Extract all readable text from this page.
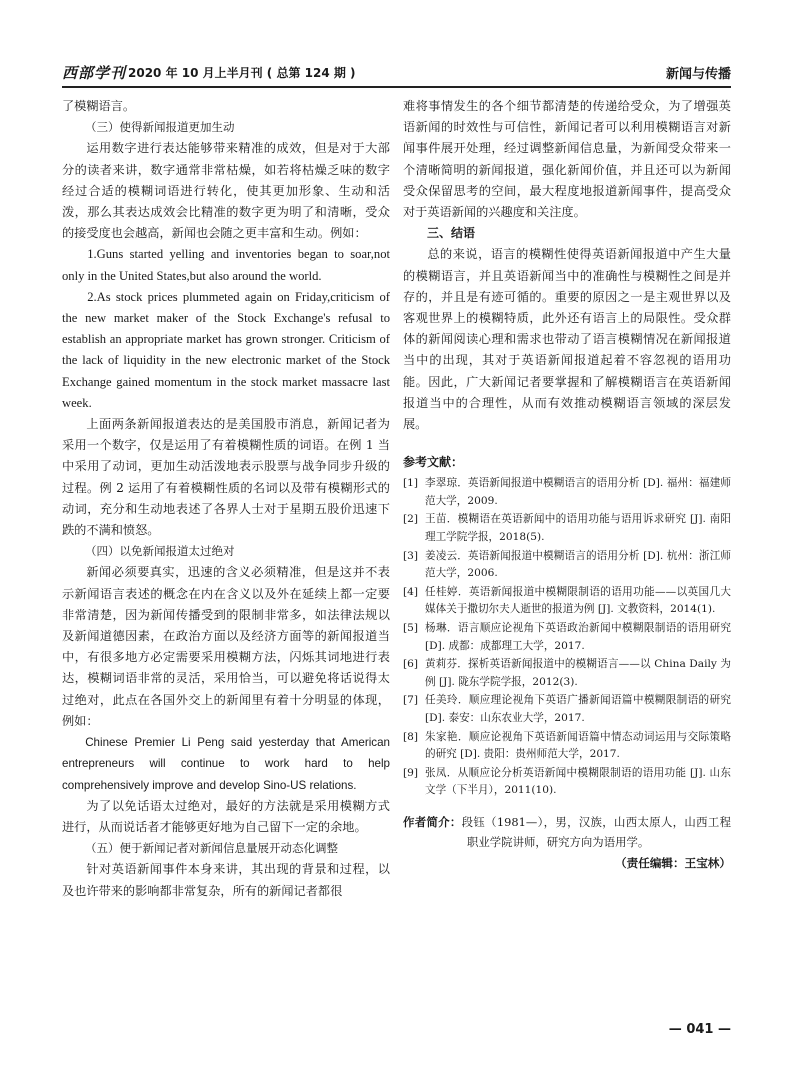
西部学刊 2020 年 10 月上半月刊 ( 总第 124 期 )	新闻与传播

了模糊语言。

（三）使得新闻报道更加生动

运用数字进行表达能够带来精准的成效，但是对于大部分的读者来讲，数字通常非常枯燥，如若将枯燥乏味的数字经过合适的模糊词语进行转化，使其更加形象、生动和活泼，那么其表达成效会比精准的数字更为明了和清晰，受众的接受度也会越高，新闻也会随之更丰富和生动。例如：

1.Guns started yelling and inventories began to soar,not only in the United States,but also around the world.

2.As stock prices plummeted again on Friday,criticism of the new market maker of the Stock Exchange's refusal to establish an appropriate market has grown stronger. Criticism of the lack of liquidity in the new electronic market of the Stock Exchange gained momentum in the stock market massacre last week.

上面两条新闻报道表达的是美国股市消息，新闻记者为采用一个数字，仅是运用了有着模糊性质的词语。在例 1 当中采用了动词，更加生动活泼地表示股票与战争同步升级的过程。例 2 运用了有着模糊性质的名词以及带有模糊形式的动词，充分和生动地表述了各界人士对于星期五股价迅速下跌的不满和愤怒。

（四）以免新闻报道太过绝对

新闻必须要真实，迅速的含义必须精准，但是这并不表示新闻语言表述的概念在内在含义以及外在延续上都一定要非常清楚，因为新闻传播受到的限制非常多，如法律法规以及新闻道德因素，在政治方面以及经济方面等的新闻报道当中，有很多地方必定需要采用模糊方法，闪烁其词地进行表达，模糊词语非常的灵活，采用恰当，可以避免将话说得太过绝对，此点在各国外交上的新闻里有着十分明显的体现，例如：

Chinese Premier Li Peng said yesterday that American entrepreneurs will continue to work hard to help comprehensively improve and develop Sino-US relations.

为了以免话语太过绝对，最好的方法就是采用模糊方式进行，从而说话者才能够更好地为自己留下一定的余地。

（五）便于新闻记者对新闻信息量展开动态化调整

针对英语新闻事件本身来讲，其出现的背景和过程，以及也许带来的影响都非常复杂，所有的新闻记者都很

难将事情发生的各个细节都清楚的传递给受众，为了增强英语新闻的时效性与可信性，新闻记者可以利用模糊语言对新闻事件展开处理，经过调整新闻信息量，为新闻受众带来一个清晰简明的新闻报道，强化新闻价值，并且还可以为新闻受众保留思考的空间，最大程度地报道新闻事件，提高受众对于英语新闻的兴趣度和关注度。

三、结语

总的来说，语言的模糊性使得英语新闻报道中产生大量的模糊语言，并且英语新闻当中的准确性与模糊性之间是并存的，并且是有迹可循的。重要的原因之一是主观世界以及客观世界上的模糊特质，此外还有语言上的局限性。受众群体的新闻阅读心理和需求也带动了语言模糊情况在新闻报道当中的出现，其对于英语新闻报道起着不容忽视的语用功能。因此，广大新闻记者要掌握和了解模糊语言在英语新闻报道当中的合理性，从而有效推动模糊语言领域的深层发展。

参考文献：

[1] 李翠琼．英语新闻报道中模糊语言的语用分析 [D]. 福州：福建师范大学，2009.

[2] 王苗．模糊语在英语新闻中的语用功能与语用诉求研究 [J]. 南阳理工学院学报，2018(5).

[3] 姜凌云．英语新闻报道中模糊语言的语用分析 [D]. 杭州：浙江师范大学，2006.

[4] 任桂婷．英语新闻报道中模糊限制语的语用功能——以英国几大媒体关于撒切尔夫人逝世的报道为例 [J]. 文教资料，2014(1).

[5] 杨琳．语言顺应论视角下英语政治新闻中模糊限制语的语用研究 [D]. 成都：成都理工大学，2017.

[6] 黄莉芬．探析英语新闻报道中的模糊语言——以 China Daily 为例 [J]. 陇东学院学报，2012(3).

[7] 任美玲．顺应理论视角下英语广播新闻语篇中模糊限制语的研究 [D]. 泰安：山东农业大学，2017.

[8] 朱家艳．顺应论视角下英语新闻语篇中情态动词运用与交际策略的研究 [D]. 贵阳：贵州师范大学，2017.

[9] 张凤．从顺应论分析英语新闻中模糊限制语的语用功能 [J]. 山东文学（下半月），2011(10).

作者简介：段钰（1981—），男，汉族，山西太原人，山西工程职业学院讲师，研究方向为语用学。

（责任编辑：王宝林）

— 041 —
